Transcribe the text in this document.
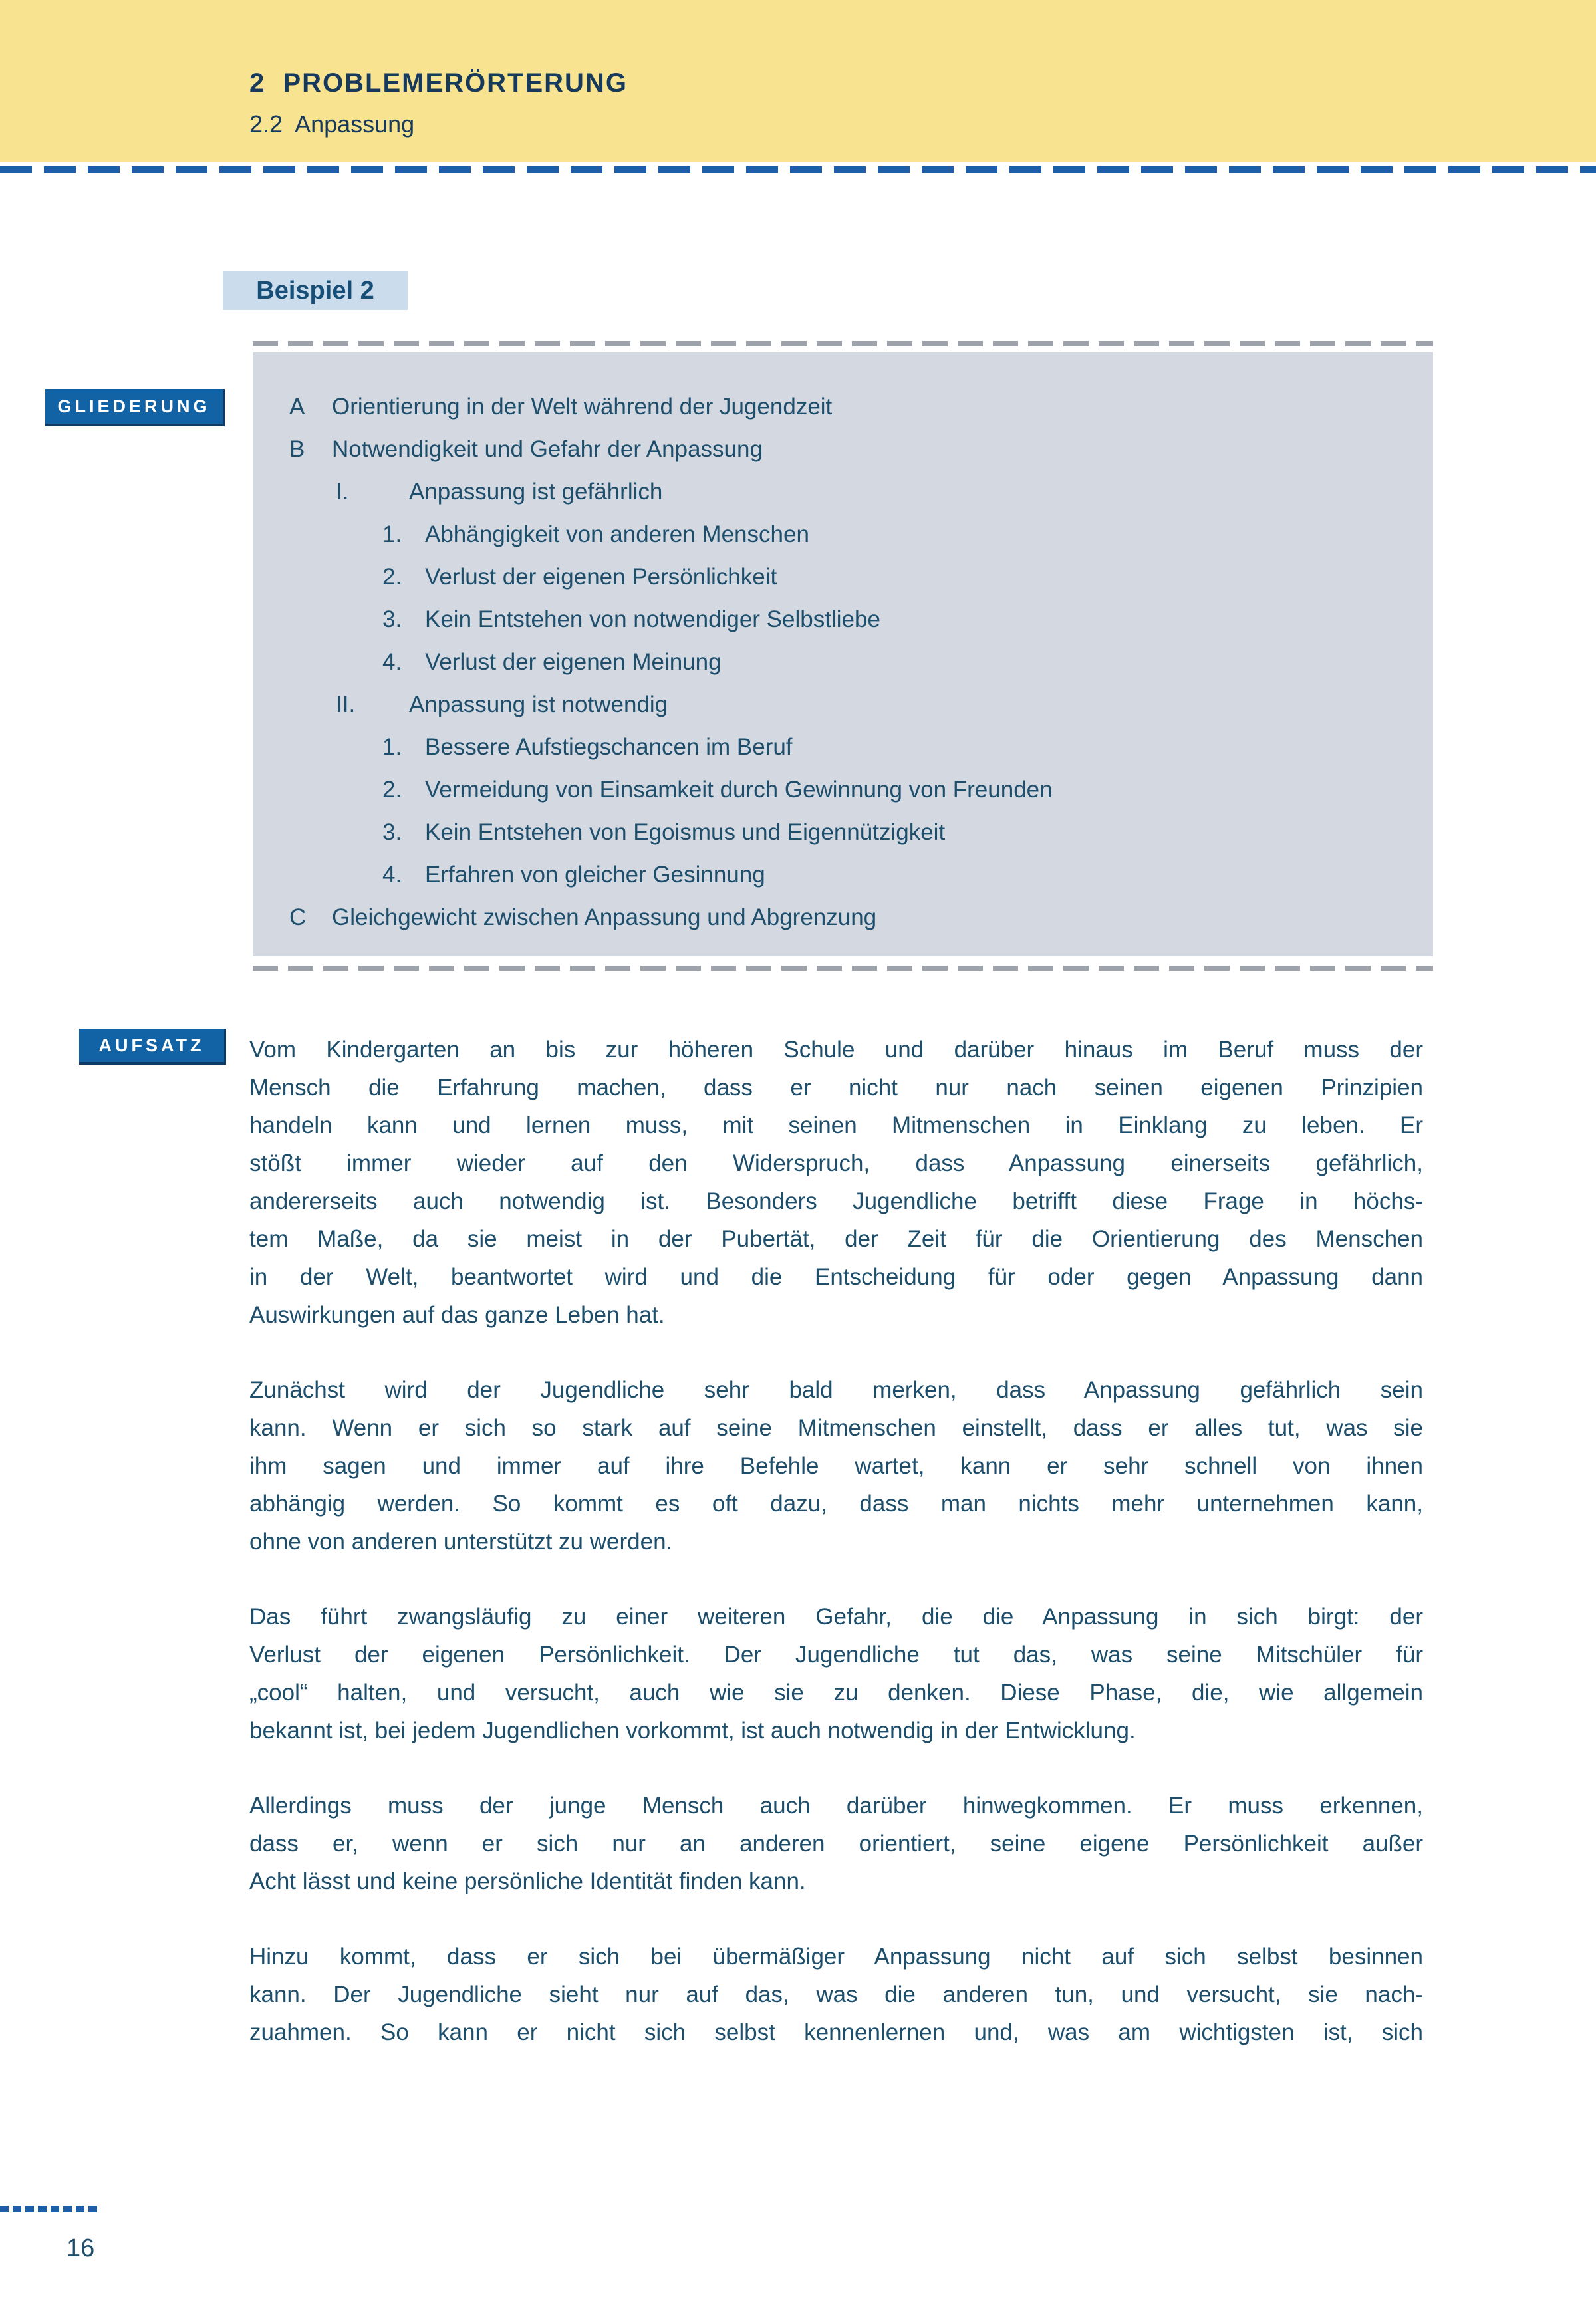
2  PROBLEMERÖRTERUNG
2.2  Anpassung
Beispiel 2
GLIEDERUNG	A	Orientierung in der Welt während der Jugendzeit
B	Notwendigkeit und Gefahr der Anpassung
I.	Anpassung ist gefährlich
1. Abhängigkeit von anderen Menschen
2. Verlust der eigenen Persönlichkeit
3. Kein Entstehen von notwendiger Selbstliebe
4. Verlust der eigenen Meinung
II.	Anpassung ist notwendig
1. Bessere Aufstiegschancen im Beruf
2. Vermeidung von Einsamkeit durch Gewinnung von Freunden
3. Kein Entstehen von Egoismus und Eigennützigkeit
4. Erfahren von gleicher Gesinnung
C	Gleichgewicht zwischen Anpassung und Abgrenzung
AUFSATZ	Vom Kindergarten an bis zur höheren Schule und darüber hinaus im Beruf muss der
Mensch die Erfahrung machen, dass er nicht nur nach seinen eigenen Prinzipien
handeln kann und lernen muss, mit seinen Mitmenschen in Einklang zu leben. Er
stößt immer wieder auf den Widerspruch, dass Anpassung einerseits gefährlich,
andererseits auch notwendig ist. Besonders Jugendliche betrifft diese Frage in höchs-
tem Maße, da sie meist in der Pubertät, der Zeit für die Orientierung des Menschen
in der Welt, beantwortet wird und die Entscheidung für oder gegen Anpassung dann
Auswirkungen auf das ganze Leben hat.

Zunächst wird der Jugendliche sehr bald merken, dass Anpassung gefährlich sein
kann. Wenn er sich so stark auf seine Mitmenschen einstellt, dass er alles tut, was sie
ihm sagen und immer auf ihre Befehle wartet, kann er sehr schnell von ihnen
abhängig werden. So kommt es oft dazu, dass man nichts mehr unternehmen kann,
ohne von anderen unterstützt zu werden.

Das führt zwangsläufig zu einer weiteren Gefahr, die die Anpassung in sich birgt: der
Verlust der eigenen Persönlichkeit. Der Jugendliche tut das, was seine Mitschüler für
„cool“ halten, und versucht, auch wie sie zu denken. Diese Phase, die, wie allgemein
bekannt ist, bei jedem Jugendlichen vorkommt, ist auch notwendig in der Entwicklung.

Allerdings muss der junge Mensch auch darüber hinwegkommen. Er muss erkennen,
dass er, wenn er sich nur an anderen orientiert, seine eigene Persönlichkeit außer
Acht lässt und keine persönliche Identität finden kann.

Hinzu kommt, dass er sich bei übermäßiger Anpassung nicht auf sich selbst besinnen
kann. Der Jugendliche sieht nur auf das, was die anderen tun, und versucht, sie nach-
zuahmen. So kann er nicht sich selbst kennenlernen und, was am wichtigsten ist, sich

16
